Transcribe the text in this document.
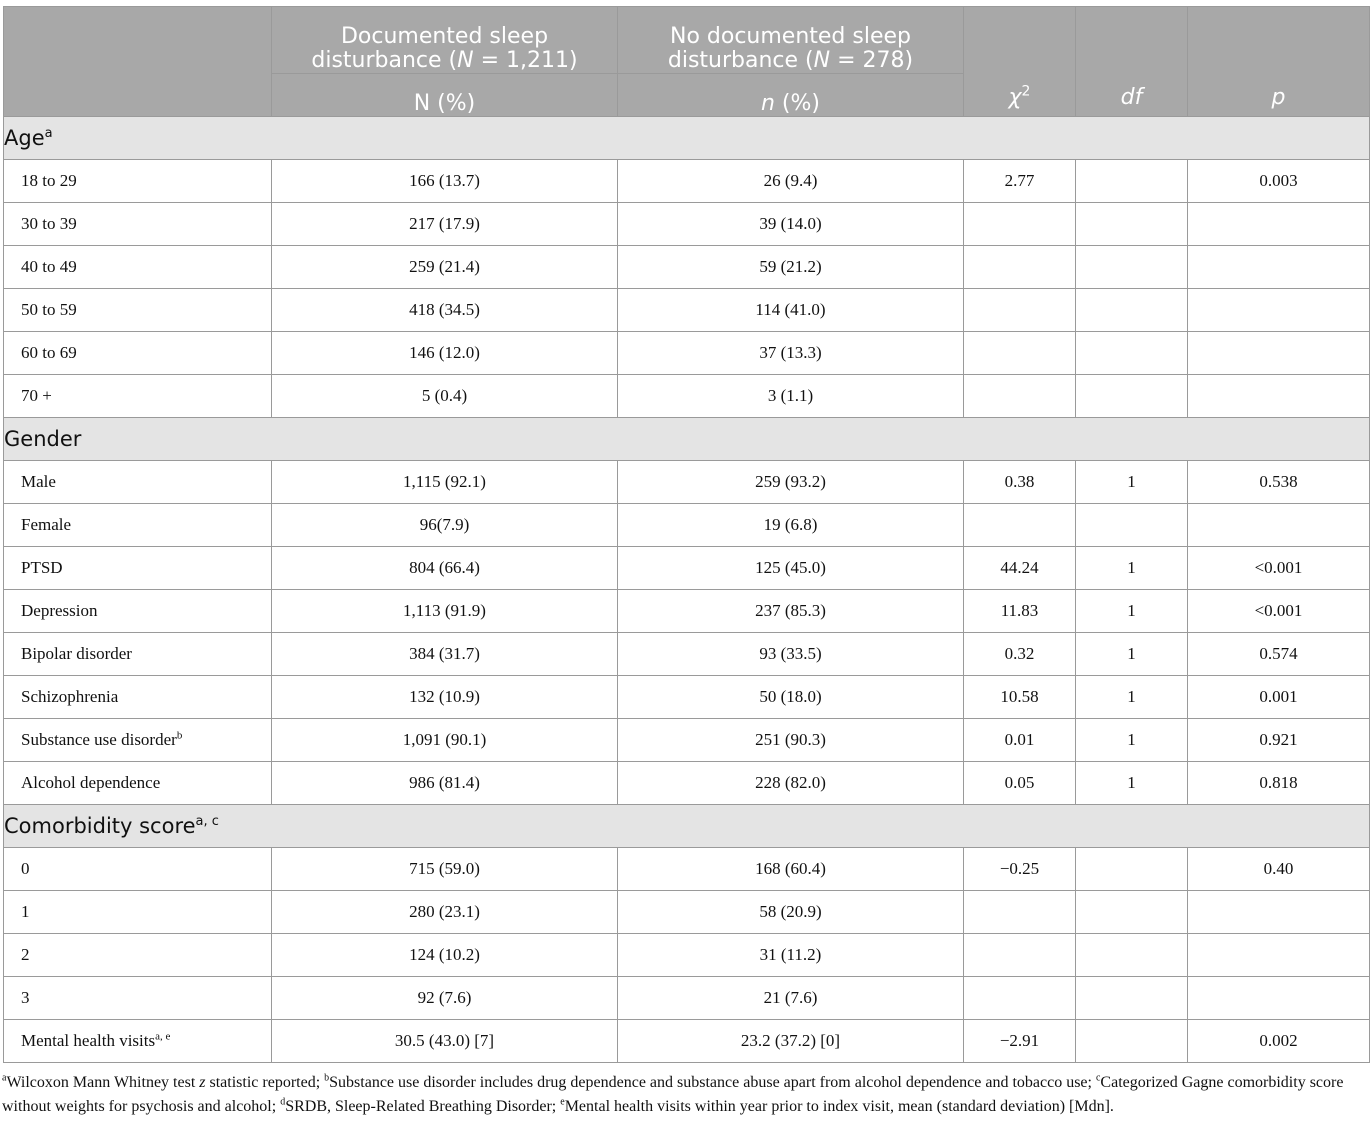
	Documented sleep
disturbance (N = 1,211)	No documented sleep
disturbance (N = 278)	$\chi^2$	df	p
	N (%)	n (%)			
Age$^a$
18 to 29	166 (13.7)	26 (9.4)	2.77		0.003
30 to 39	217 (17.9)	39 (14.0)			
40 to 49	259 (21.4)	59 (21.2)			
50 to 59	418 (34.5)	114 (41.0)			
60 to 69	146 (12.0)	37 (13.3)			
70 +	5 (0.4)	3 (1.1)			
Gender					
Male	1,115 (92.1)	259 (93.2)	0.38	1	0.538
Female	96(7.9)	19 (6.8)			
PTSD	804 (66.4)	125 (45.0)	44.24	1	<0.001
Depression	1,113 (91.9)	237 (85.3)	11.83	1	<0.001
Bipolar disorder	384 (31.7)	93 (33.5)	0.32	1	0.574
Schizophrenia	132 (10.9)	50 (18.0)	10.58	1	0.001
Substance use disorder$^b$	1,091 (90.1)	251 (90.3)	0.01	1	0.921
Alcohol dependence	986 (81.4)	228 (82.0)	0.05	1	0.818
Comorbidity score$^{a, c}$
0	715 (59.0)	168 (60.4)	−0.25		0.40
1	280 (23.1)	58 (20.9)			
2	124 (10.2)	31 (11.2)			
3	92 (7.6)	21 (7.6)			
Mental health visits$^{a, e}$	30.5 (43.0) [7]	23.2 (37.2) [0]	−2.91		0.002
$^a$Wilcoxon Mann Whitney test z statistic reported; $^b$Substance use disorder includes drug dependence and substance abuse apart from alcohol dependence and tobacco use; $^c$Categorized Gagne comorbidity score without weights for psychosis and alcohol; $^d$SRDB, Sleep-Related Breathing Disorder; $^e$Mental health visits within year prior to index visit, mean (standard deviation) [Mdn].
